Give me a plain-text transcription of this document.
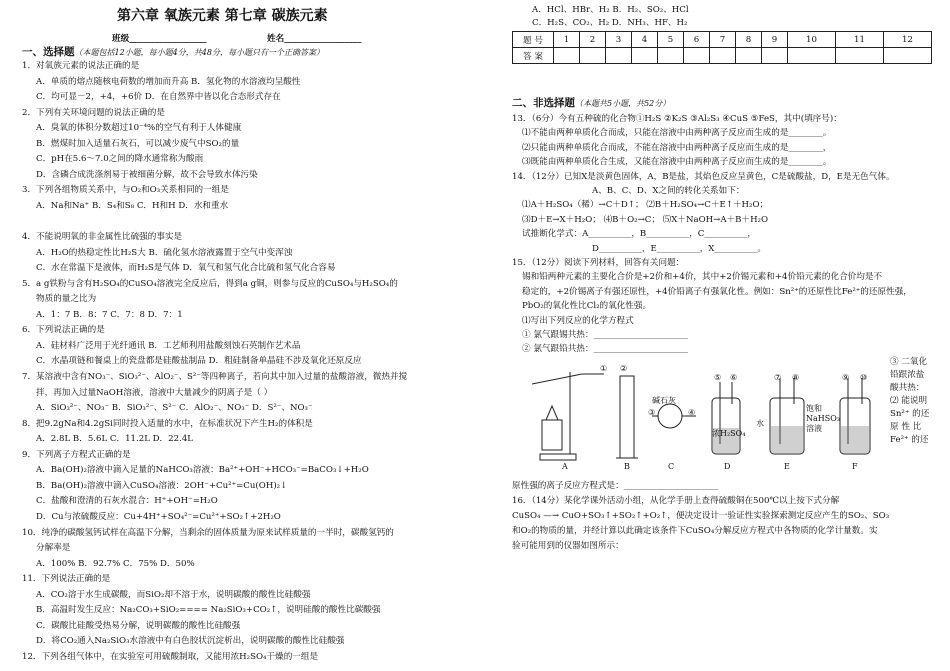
第六章 氧族元素 第七章 碳族元素
班级__________________	姓名__________________
一、选择题（本题包括12小题，每小题4分，共48分，每小题只有一个正确答案）
1．对氧族元素的说法正确的是
A．单质的熔点随核电荷数的增加而升高 B．氢化物的水溶液均呈酸性
C．均可显－2，+4，+6价 D．在自然界中皆以化合态形式存在
2．下列有关环境问题的说法正确的是
A．臭氧的体积分数超过10⁻⁴%的空气有利于人体健康
B．燃煤时加入适量石灰石，可以减少废气中SO₂的量
C．pH在5.6～7.0之间的降水通常称为酸雨
D．含磷合成洗涤剂易于被细菌分解，故不会导致水体污染
3．下列各组物质关系中，与O₂和O₃关系相同的一组是
A．Na和Na⁺ B．S₄和S₈ C．H和H D．水和重水
4．不能说明氧的非金属性比硫强的事实是
A．H₂O的热稳定性比H₂S大 B．硫化氢水溶液露置于空气中变浑浊
C．水在常温下是液体，而H₂S是气体 D．氧气和氢气化合比硫和氢气化合容易
5．a g铁粉与含有H₂SO₄的CuSO₄溶液完全反应后，得到a g铜，则参与反应的CuSO₄与H₂SO₄的
物质的量之比为
A．1：7 B．8：7 C．7：8 D．7：1
6．下列说法正确的是
A．硅材料广泛用于光纤通讯 B．工艺师利用盐酸刻蚀石英制作艺术品
C．水晶项链和餐桌上的瓷盘都是硅酸盐制品 D．粗硅制备单晶硅不涉及氧化还原反应
7．某溶液中含有NO₃⁻、SiO₃²⁻、AlO₂⁻、S²⁻等四种离子，若向其中加入过量的盐酸溶液，微热并搅
拌，再加入过量NaOH溶液，溶液中大量减少的阴离子是（ ）
A．SiO₃²⁻、NO₃⁻ B．SiO₃²⁻、S²⁻ C．AlO₂⁻、NO₃⁻ D．S²⁻、NO₃⁻
8．把9.2gNa和4.2gSi同时投入适量的水中，在标准状况下产生H₂的体积是
A．2.8L B．5.6L C．11.2L D．22.4L
9．下列离子方程式正确的是
A．Ba(OH)₂溶液中滴入足量的NaHCO₃溶液：Ba²⁺+OH⁻+HCO₃⁻=BaCO₃↓+H₂O
B．Ba(OH)₂溶液中滴入CuSO₄溶液：2OH⁻+Cu²⁺=Cu(OH)₂↓
C．盐酸和澄清的石灰水混合：H⁺+OH⁻=H₂O
D．Cu与浓硫酸反应：Cu+4H⁺+SO₄²⁻=Cu²⁺+SO₂↑+2H₂O
10．纯净的碳酸氢钙试样在高温下分解，当剩余的固体质量为原来试样质量的一半时，碳酸氢钙的
分解率是
A．100% B．92.7% C．75% D．50%
11．下列说法正确的是
A．CO₂溶于水生成碳酸，而SiO₂却不溶于水，说明碳酸的酸性比硅酸强
B．高温时发生反应：Na₂CO₃+SiO₂==== Na₂SiO₃+CO₂↑，说明硅酸的酸性比碳酸强
C．碳酸比硅酸受热易分解，说明碳酸的酸性比硅酸强
D．将CO₂通入Na₂SiO₃水溶液中有白色胶状沉淀析出，说明碳酸的酸性比硅酸强
12．下列各组气体中，在实验室可用硫酸制取，又能用浓H₂SO₄干燥的一组是
A．HCl、HBr、H₂ B．H₂、SO₂、HCl
C．H₂S、CO₂、H₂ D．NH₃、HF、H₂
题 号	1	2	3	4	5	6	7	8	9	10	11	12
答 案												
二、非选择题（本题共5小题，共52分）
13．（6分）今有五种硫的化合物①H₂S ②K₂S ③Al₂S₃ ④CuS ⑤FeS，其中(填序号)：
⑴不能由两种单质化合而成，只能在溶液中由两种离子反应而生成的是________。
⑵只能由两种单质化合而成，不能在溶液中由两种离子反应而生成的是________，
⑶既能由两种单质化合生成，又能在溶液中由两种离子反应而生成的是________。
14．（12分）已知X是淡黄色固体，A，B是盐，其焰色反应呈黄色，C是硫酸盐，D，E是无色气体。
A、B、C、D、X之间的转化关系如下：
⑴A＋H₂SO₄（稀）→C＋D↑； ⑵B＋H₂SO₄→C＋E↑＋H₂O；
⑶D＋E→X＋H₂O； ⑷B＋O₂→C； ⑸X＋NaOH→A＋B＋H₂O
试推断化学式：A__________，B__________，C__________，
D__________，E__________，X__________。
15．（12分）阅读下列材料，回答有关问题：
锡和铅两种元素的主要化合价是+2价和+4价，其中+2价锡元素和+4价铅元素的化合价均是不
稳定的，+2价锡离子有强还原性，+4价铅离子有强氧化性。例如：Sn²⁺的还原性比Fe²⁺的还原性强，
PbO₂的氧化性比Cl₂的氧化性强。
⑴写出下列反应的化学方程式
① 氯气跟锡共热：______________________
② 氯气跟铅共热：______________________
A	B	C	D	E	F
① ②
③	④
⑤ ⑥	⑦ ⑧	⑨ ⑩
碱石灰
水
浓H₂SO₄
饱和NaHSO₃溶液
③ 二氧化
铅跟浓盐
酸共热：
⑵ 能说明
Sn²⁺ 的还
原 性 比
Fe²⁺ 的还
原性强的离子反应方程式是：______________________
16．（14分）某化学课外活动小组，从化学手册上查得硫酸铜在500℃以上按下式分解
CuSO₄ —→ CuO+SO₃↑+SO₂↑+O₂↑，便决定设计一验证性实验探索测定反应产生的SO₂、SO₃
和O₂的物质的量，并经计算以此确定该条件下CuSO₄分解反应方程式中各物质的化学计量数。实
验可能用到的仪器如图所示：
